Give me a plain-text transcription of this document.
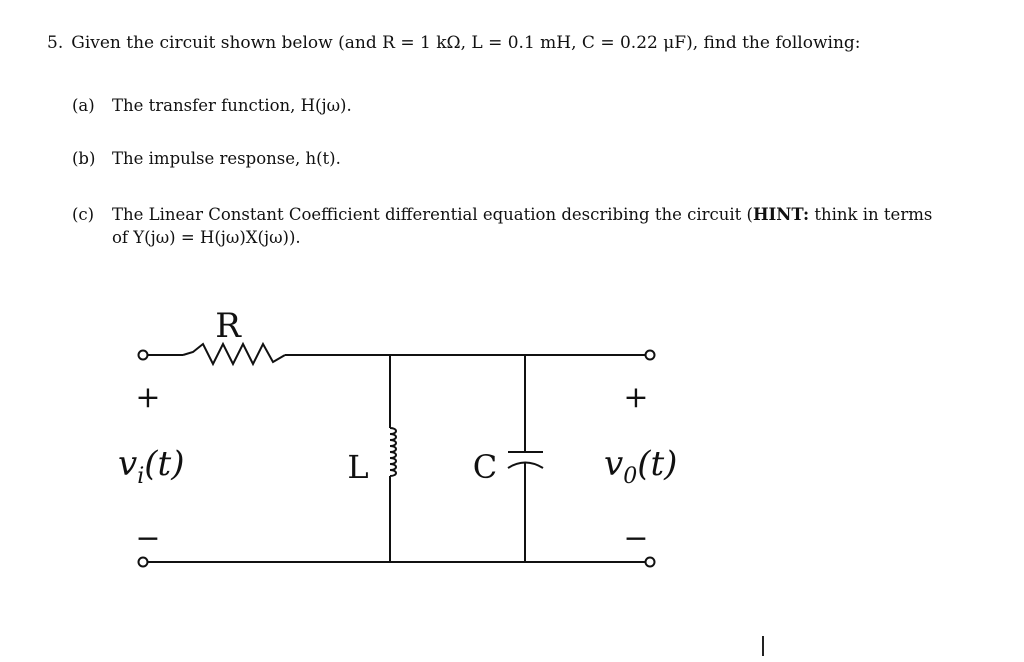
5. Given the circuit shown below (and R = 1 kΩ, L = 0.1 mH, C = 0.22 μF), find the following:
(a) The transfer function, H(jω).
(b) The impulse response, h(t).
(c) The Linear Constant Coefficient differential equation describing the circuit (HINT: think in terms
of Y(jω) = H(jω)X(jω)).
R
L	C
+
−
$v_i(t)$
+
−
$v_0(t)$
